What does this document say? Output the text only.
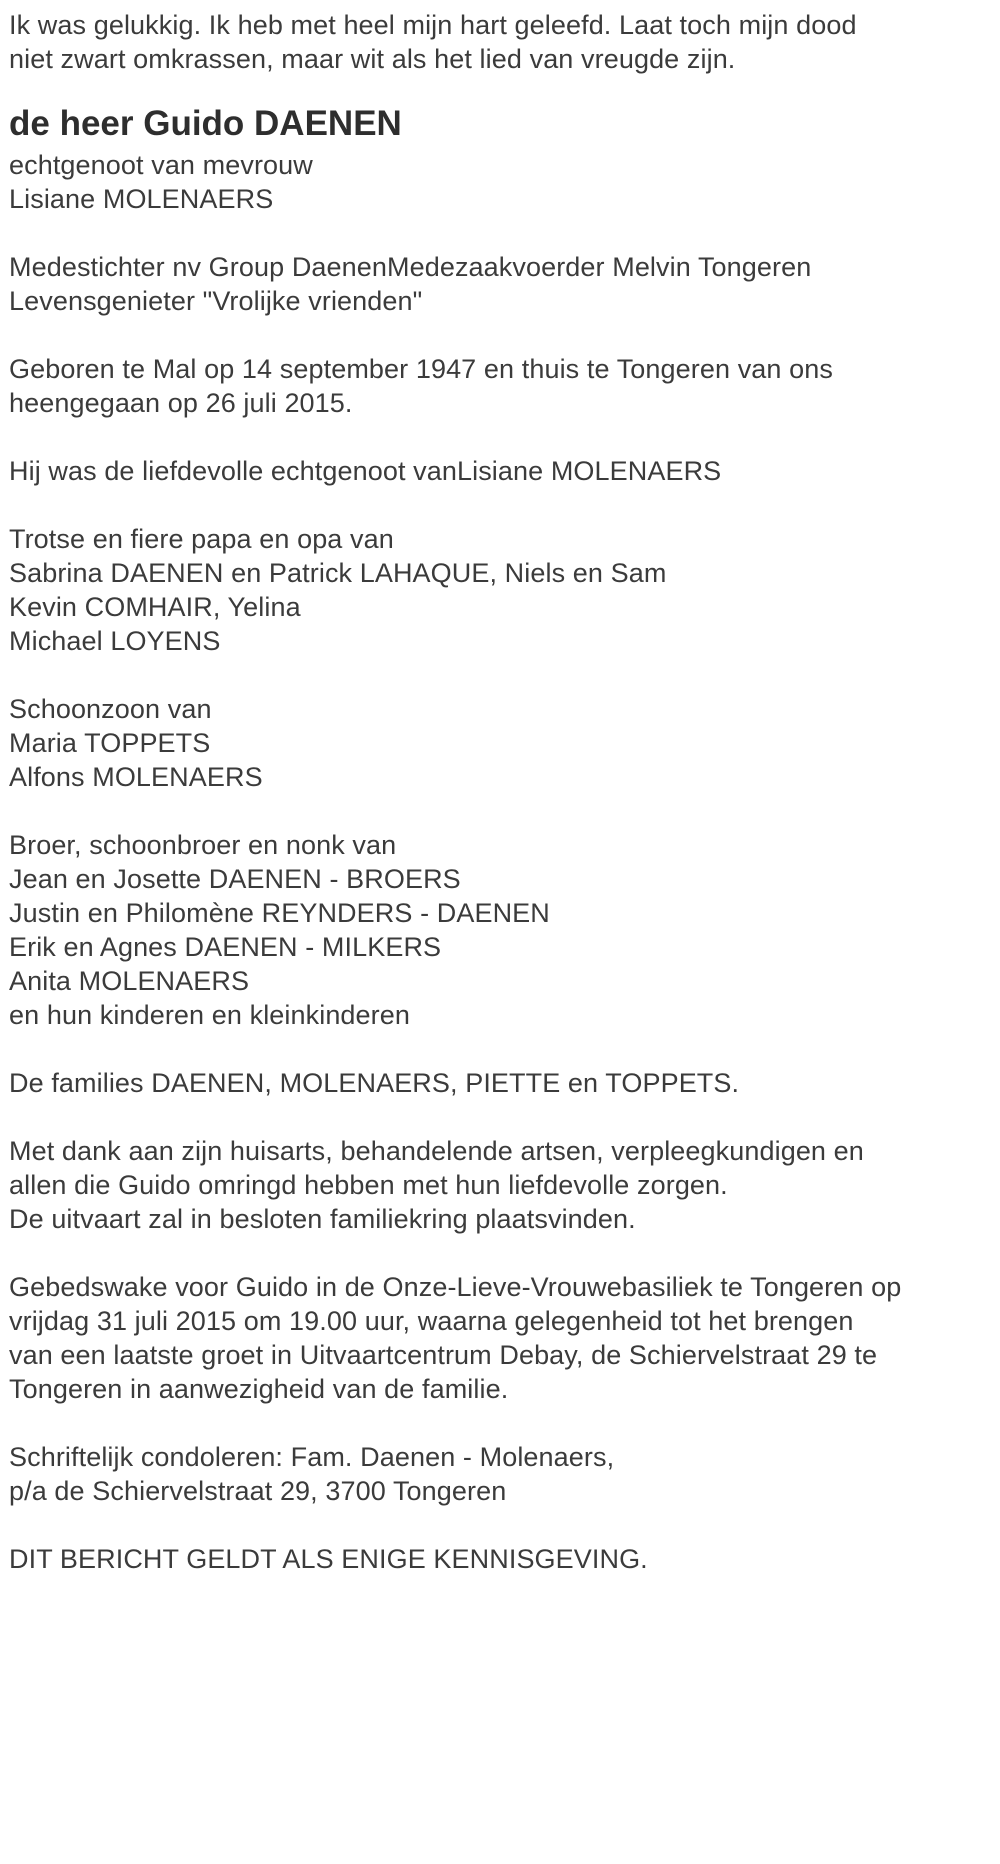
Ik was gelukkig. Ik heb met heel mijn hart geleefd. Laat toch mijn dood
niet zwart omkrassen, maar wit als het lied van vreugde zijn.
de heer Guido DAENEN
echtgenoot van mevrouw
Lisiane MOLENAERS
Medestichter nv Group DaenenMedezaakvoerder Melvin Tongeren
Levensgenieter "Vrolijke vrienden"
Geboren te Mal op 14 september 1947 en thuis te Tongeren van ons
heengegaan op 26 juli 2015.
Hij was de liefdevolle echtgenoot vanLisiane MOLENAERS
Trotse en fiere papa en opa van
Sabrina DAENEN en Patrick LAHAQUE, Niels en Sam
Kevin COMHAIR, Yelina
Michael LOYENS
Schoonzoon van
Maria TOPPETS
Alfons MOLENAERS
Broer, schoonbroer en nonk van
Jean en Josette DAENEN - BROERS
Justin en Philomène REYNDERS - DAENEN
Erik en Agnes DAENEN - MILKERS
Anita MOLENAERS
en hun kinderen en kleinkinderen
De families DAENEN, MOLENAERS, PIETTE en TOPPETS.
Met dank aan zijn huisarts, behandelende artsen, verpleegkundigen en
allen die Guido omringd hebben met hun liefdevolle zorgen.
De uitvaart zal in besloten familiekring plaatsvinden.
Gebedswake voor Guido in de Onze-Lieve-Vrouwebasiliek te Tongeren op
vrijdag 31 juli 2015 om 19.00 uur, waarna gelegenheid tot het brengen
van een laatste groet in Uitvaartcentrum Debay, de Schiervelstraat 29 te
Tongeren in aanwezigheid van de familie.
Schriftelijk condoleren: Fam. Daenen - Molenaers,
p/a de Schiervelstraat 29, 3700 Tongeren
DIT BERICHT GELDT ALS ENIGE KENNISGEVING.
